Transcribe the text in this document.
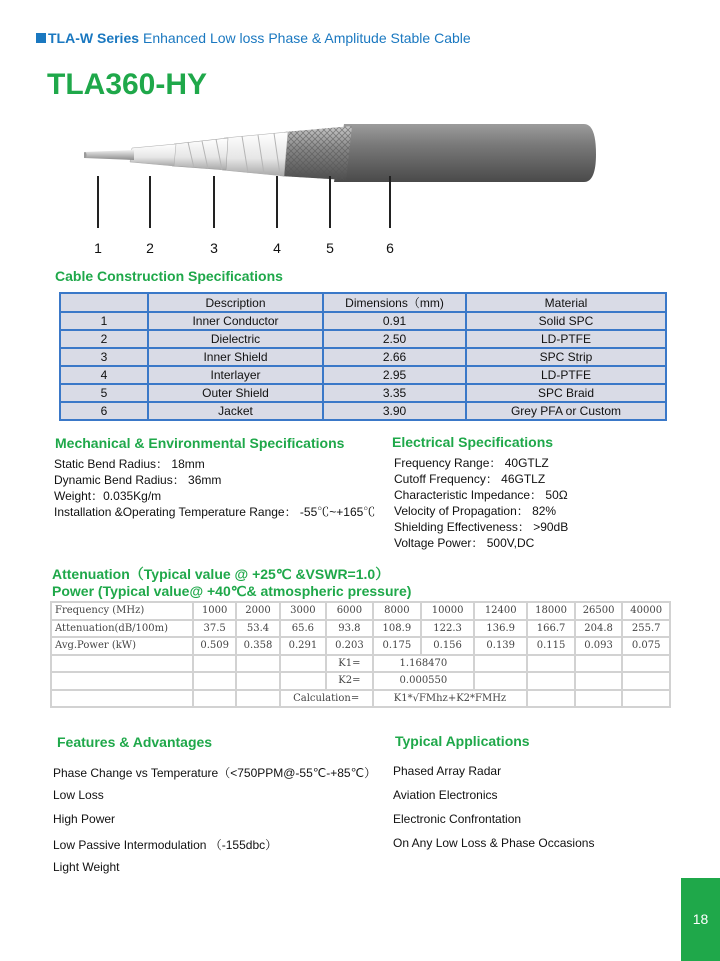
TLA-W Series Enhanced Low loss Phase & Amplitude Stable Cable
TLA360-HY
1	2	3	4	5	6
Cable Construction Specifications
	Description	Dimensions（mm)	Material
1	Inner Conductor	0.91	Solid SPC
2	Dielectric	2.50	LD-PTFE
3	Inner Shield	2.66	SPC Strip
4	Interlayer	2.95	LD-PTFE
5	Outer Shield	3.35	SPC Braid
6	Jacket	3.90	Grey PFA or Custom
Mechanical & Environmental Specifications
Static Bend Radius： 18mm
Dynamic Bend Radius： 36mm
Weight：0.035Kg/m
Installation &Operating Temperature Range： -55℃~+165℃
Electrical Specifications
Frequency Range： 40GTLZ
Cutoff Frequency： 46GTLZ
Characteristic Impedance： 50Ω
Velocity of Propagation： 82%
Shielding Effectiveness： >90dB
Voltage Power： 500V,DC
Attenuation（Typical value @ +25℃ &VSWR=1.0）
Power (Typical value@ +40℃& atmospheric pressure)
Frequency (MHz)	1000	2000	3000	6000	8000	10000	12400	18000	26500	40000
Attenuation(dB/100m)	37.5	53.4	65.6	93.8	108.9	122.3	136.9	166.7	204.8	255.7
Avg.Power (kW)	0.509	0.358	0.291	0.203	0.175	0.156	0.139	0.115	0.093	0.075
				K1=	1.168470					
				K2=	0.000550					
			Calculation=		K1*√FMhz+K2*FMHz					
Features & Advantages
Phase Change vs Temperature（<750PPM@-55℃-+85℃）
Low Loss
High Power
Low Passive Intermodulation （-155dbc）
Light Weight
Typical Applications
Phased Array Radar
Aviation Electronics
Electronic Confrontation
On Any Low Loss & Phase Occasions
18
